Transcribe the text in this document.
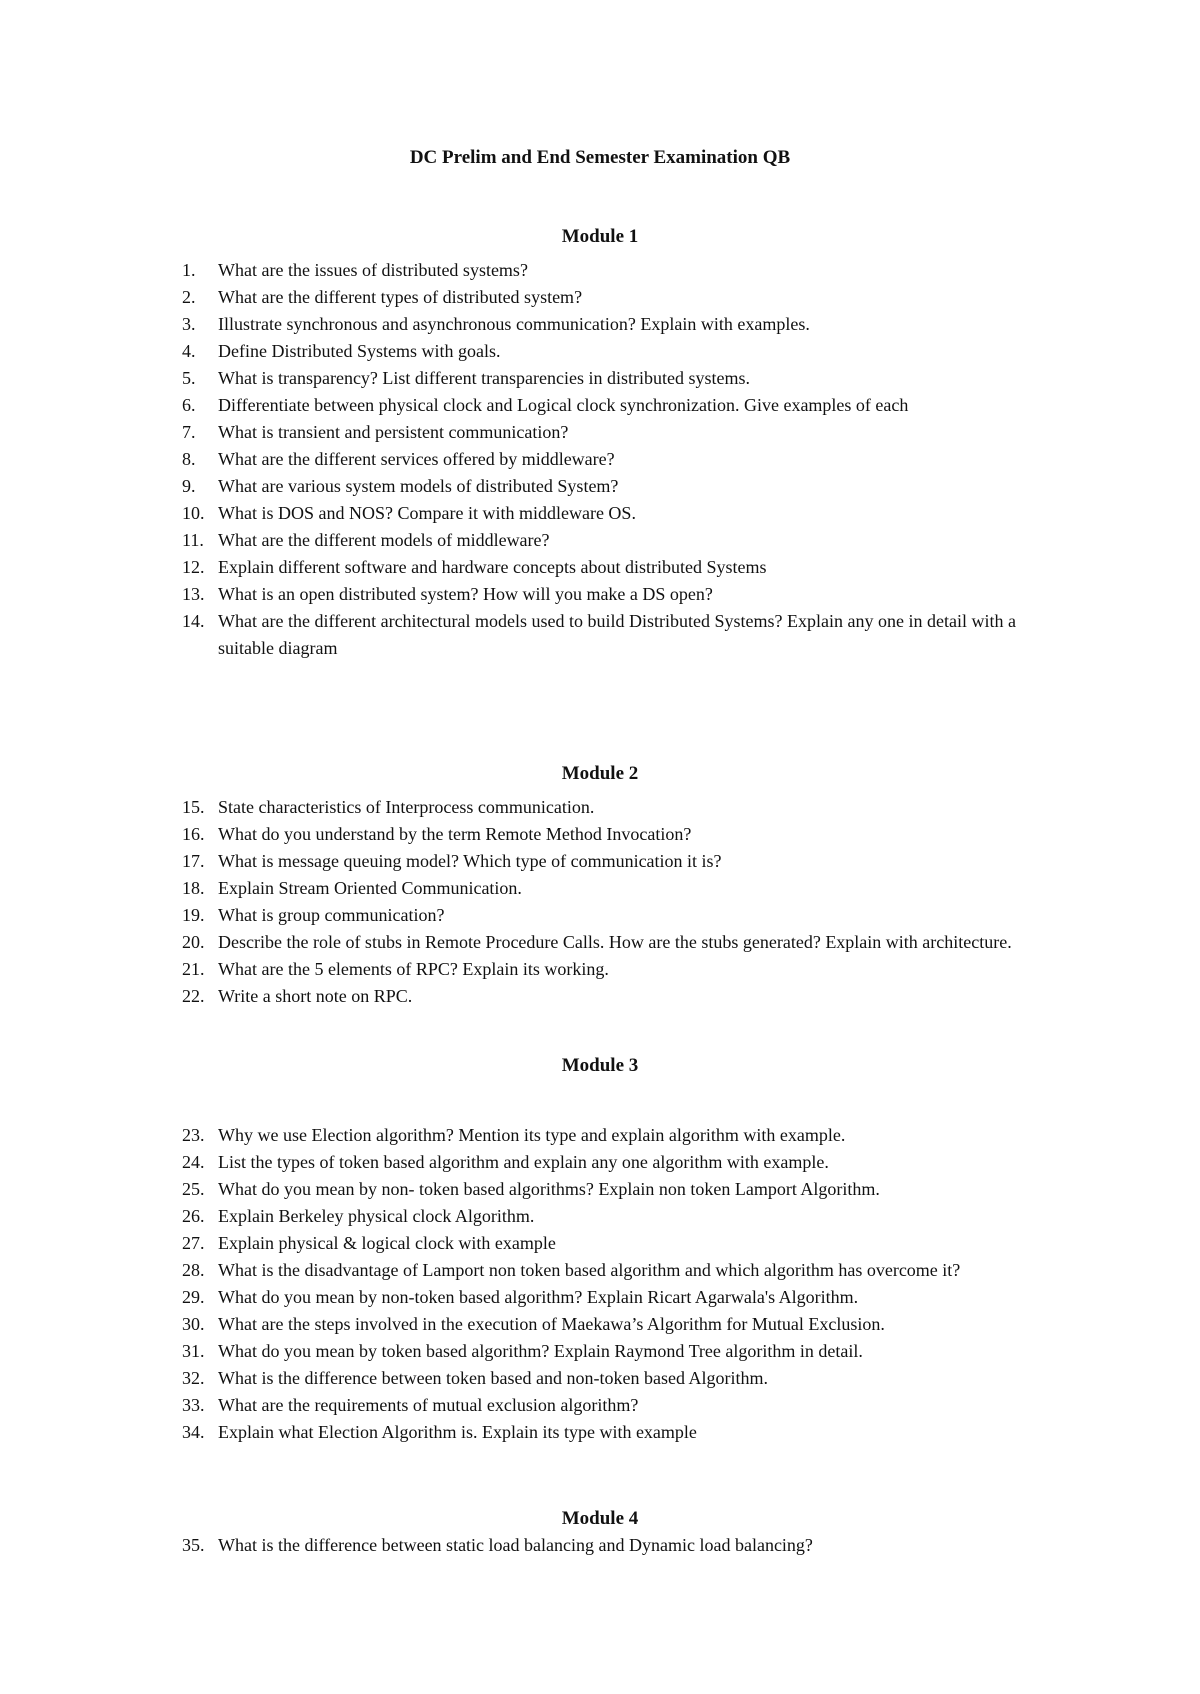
DC Prelim and End Semester Examination QB
Module 1
1.	What are the issues of distributed systems?
2.	What are the different types of distributed system?
3.	Illustrate synchronous and asynchronous communication? Explain with examples.
4.	Define Distributed Systems with goals.
5.	What is transparency? List different transparencies in distributed systems.
6.	Differentiate between physical clock and Logical clock synchronization. Give examples of each
7.	What is transient and persistent communication?
8.	What are the different services offered by middleware?
9.	What are various system models of distributed System?
10. What is DOS and NOS? Compare it with middleware OS.
11. What are the different models of middleware?
12. Explain different software and hardware concepts about distributed Systems
13. What is an open distributed system? How will you make a DS open?
14. What are the different architectural models used to build Distributed Systems? Explain any one in detail with a suitable diagram
Module 2
15. State characteristics of Interprocess communication.
16. What do you understand by the term Remote Method Invocation?
17. What is message queuing model? Which type of communication it is?
18. Explain Stream Oriented Communication.
19. What is group communication?
20. Describe the role of stubs in Remote Procedure Calls. How are the stubs generated? Explain with architecture.
21. What are the 5 elements of RPC? Explain its working.
22. Write a short note on RPC.
Module 3
23. Why we use Election algorithm? Mention its type and explain algorithm with example.
24. List the types of token based algorithm and explain any one algorithm with example.
25. What do you mean by non- token based algorithms? Explain non token Lamport Algorithm.
26. Explain Berkeley physical clock Algorithm.
27. Explain physical & logical clock with example
28. What is the disadvantage of Lamport non token based algorithm and which algorithm has overcome it?
29. What do you mean by non-token based algorithm? Explain Ricart Agarwala's Algorithm.
30. What are the steps involved in the execution of Maekawa’s Algorithm for Mutual Exclusion.
31. What do you mean by token based algorithm? Explain Raymond Tree algorithm in detail.
32. What is the difference between token based and non-token based Algorithm.
33. What are the requirements of mutual exclusion algorithm?
34. Explain what Election Algorithm is. Explain its type with example
Module 4
35. What is the difference between static load balancing and Dynamic load balancing?
